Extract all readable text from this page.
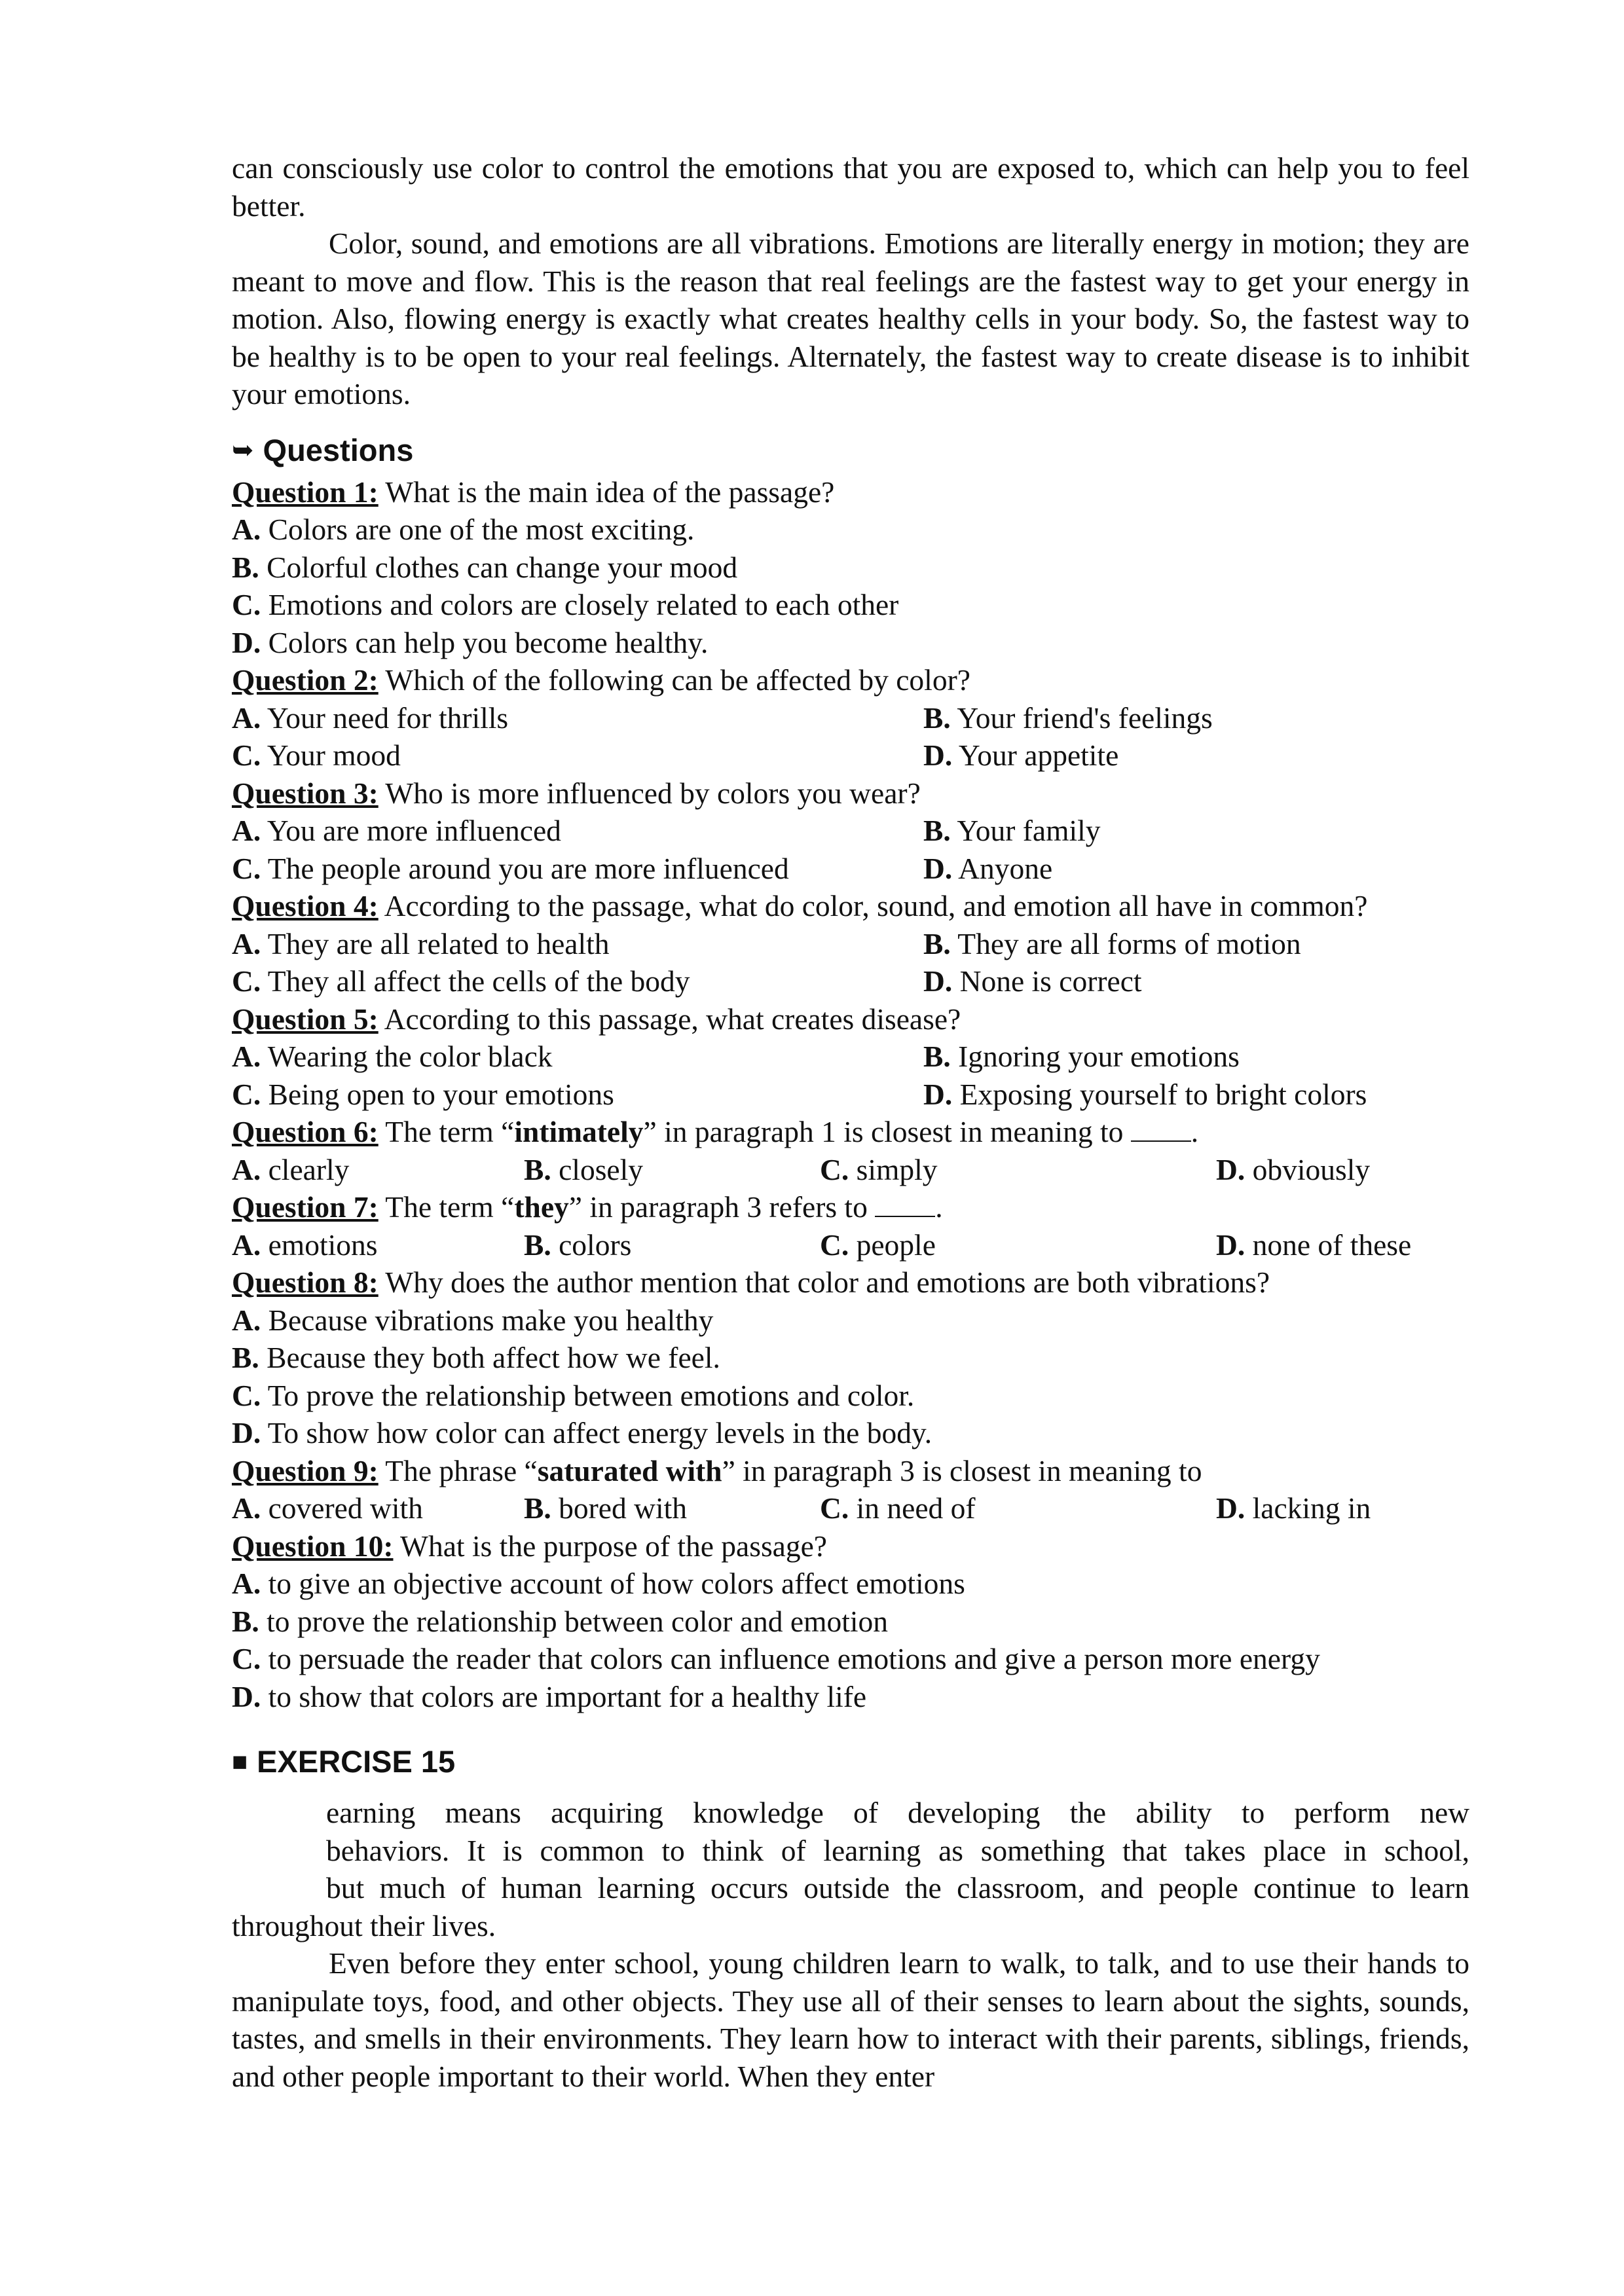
can consciously use color to control the emotions that you are exposed to, which can help you to feel better.

Color, sound, and emotions are all vibrations. Emotions are literally energy in motion; they are meant to move and flow. This is the reason that real feelings are the fastest way to get your energy in motion. Also, flowing energy is exactly what creates healthy cells in your body. So, the fastest way to be healthy is to be open to your real feelings. Alternately, the fastest way to create disease is to inhibit your emotions.

➥ Questions
Question 1: What is the main idea of the passage?
A. Colors are one of the most exciting.
B. Colorful clothes can change your mood
C. Emotions and colors are closely related to each other
D. Colors can help you become healthy.
Question 2: Which of the following can be affected by color?
A. Your need for thrills	B. Your friend's feelings
C. Your mood	D. Your appetite
Question 3: Who is more influenced by colors you wear?
A. You are more influenced	B. Your family
C. The people around you are more influenced	D. Anyone
Question 4: According to the passage, what do color, sound, and emotion all have in common?
A. They are all related to health	B. They are all forms of motion
C. They all affect the cells of the body	D. None is correct
Question 5: According to this passage, what creates disease?
A. Wearing the color black	B. Ignoring your emotions
C. Being open to your emotions	D. Exposing yourself to bright colors
Question 6: The term “intimately” in paragraph 1 is closest in meaning to .
A. clearly	B. closely	C. simply	D. obviously
Question 7: The term “they” in paragraph 3 refers to .
A. emotions	B. colors	C. people	D. none of these
Question 8: Why does the author mention that color and emotions are both vibrations?
A. Because vibrations make you healthy
B. Because they both affect how we feel.
C. To prove the relationship between emotions and color.
D. To show how color can affect energy levels in the body.
Question 9: The phrase “saturated with” in paragraph 3 is closest in meaning to
A. covered with	B. bored with	C. in need of	D. lacking in
Question 10: What is the purpose of the passage?
A. to give an objective account of how colors affect emotions
B. to prove the relationship between color and emotion
C. to persuade the reader that colors can influence emotions and give a person more energy
D. to show that colors are important for a healthy life
■ EXERCISE 15

earning means acquiring knowledge of developing the ability to perform new

behaviors. It is common to think of learning as something that takes place in school,

but much of human learning occurs outside the classroom, and people continue to learn

throughout their lives.

Even before they enter school, young children learn to walk, to talk, and to use their hands to manipulate toys, food, and other objects. They use all of their senses to learn about the sights, sounds, tastes, and smells in their environments. They learn how to interact with their parents, siblings, friends, and other people important to their world. When they enter
